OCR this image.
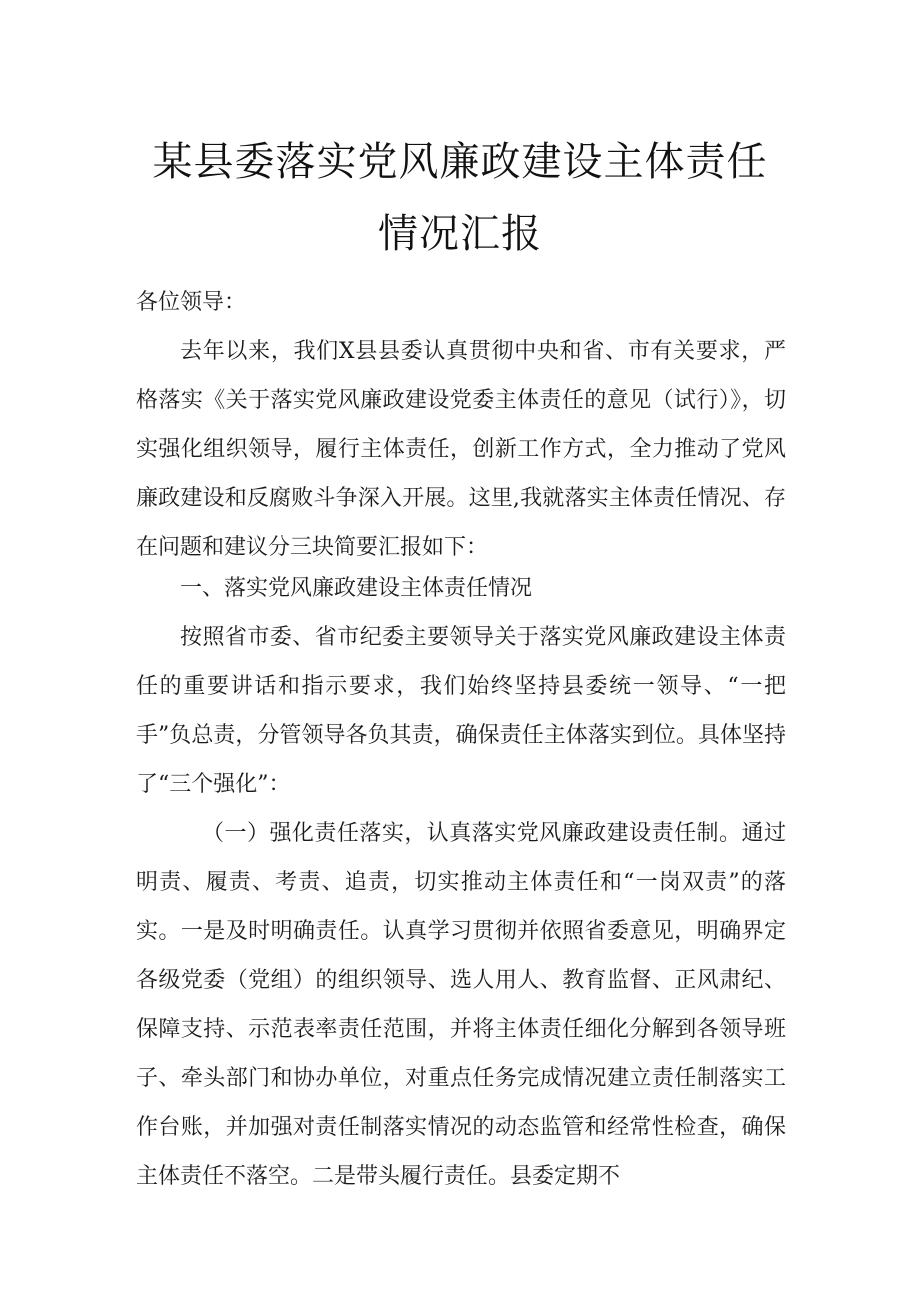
某县委落实党风廉政建设主体责任
情况汇报
各位领导：

去年以来，我们X县县委认真贯彻中央和省、市有关要求，严格落实《关于落实党风廉政建设党委主体责任的意见（试行）》，切实强化组织领导，履行主体责任，创新工作方式，全力推动了党风廉政建设和反腐败斗争深入开展。这里,我就落实主体责任情况、存在问题和建议分三块简要汇报如下：

一、落实党风廉政建设主体责任情况

按照省市委、省市纪委主要领导关于落实党风廉政建设主体责任的重要讲话和指示要求，我们始终坚持县委统一领导、“一把手”负总责，分管领导各负其责，确保责任主体落实到位。具体坚持了“三个强化”：

（一）强化责任落实，认真落实党风廉政建设责任制。通过明责、履责、考责、追责，切实推动主体责任和“一岗双责”的落实。一是及时明确责任。认真学习贯彻并依照省委意见，明确界定各级党委（党组）的组织领导、选人用人、教育监督、正风肃纪、保障支持、示范表率责任范围，并将主体责任细化分解到各领导班子、牵头部门和协办单位，对重点任务完成情况建立责任制落实工作台账，并加强对责任制落实情况的动态监管和经常性检查，确保主体责任不落空。二是带头履行责任。县委定期不
